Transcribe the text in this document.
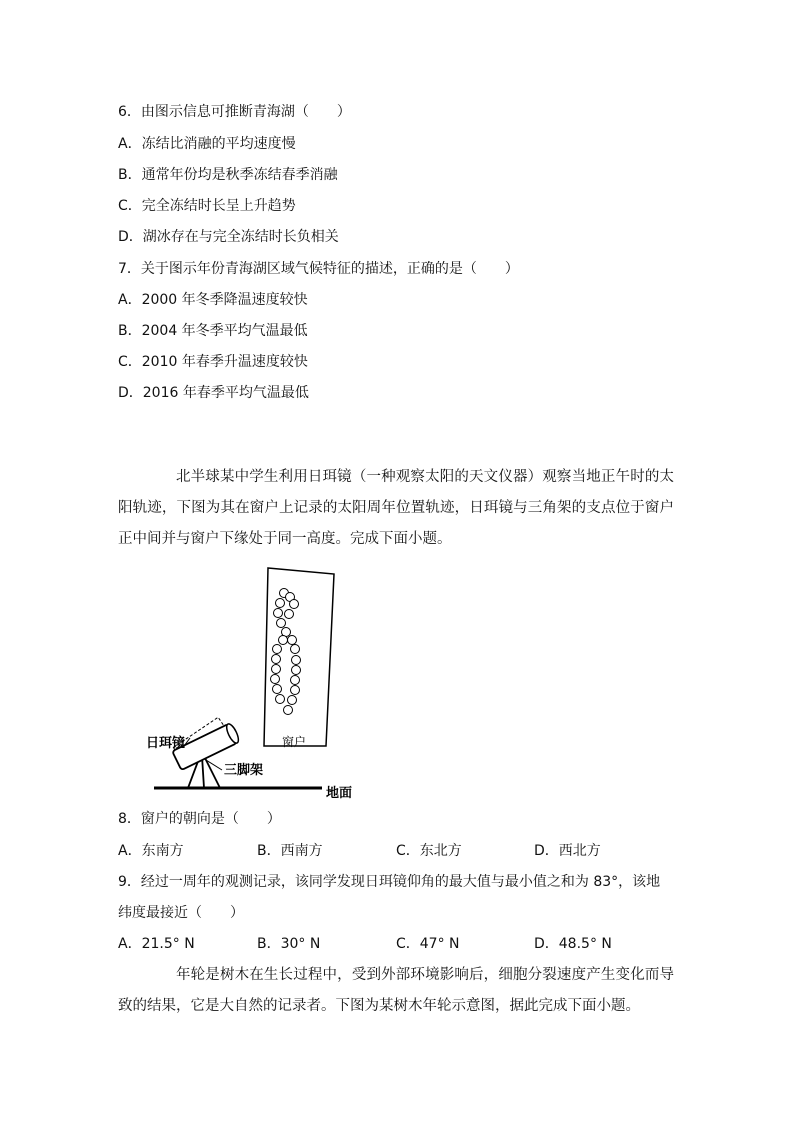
6．由图示信息可推断青海湖（　　）
A．冻结比消融的平均速度慢
B．通常年份均是秋季冻结春季消融
C．完全冻结时长呈上升趋势
D．湖冰存在与完全冻结时长负相关
7．关于图示年份青海湖区域气候特征的描述，正确的是（　　）
A．2000 年冬季降温速度较快
B．2004 年冬季平均气温最低
C．2010 年春季升温速度较快
D．2016 年春季平均气温最低

北半球某中学生利用日珥镜（一种观察太阳的天文仪器）观察当地正午时的太阳轨迹，下图为其在窗户上记录的太阳周年位置轨迹，日珥镜与三角架的支点位于窗户正中间并与窗户下缘处于同一高度。完成下面小题。

地面
窗户
三脚架
日珥镜
8．窗户的朝向是（　　）
A．东南方	B．西南方	C．东北方	D．西北方
9．经过一周年的观测记录，该同学发现日珥镜仰角的最大值与最小值之和为 83°，该地
纬度最接近（　　）
A．21.5° N	B．30° N	C．47° N	D．48.5° N

年轮是树木在生长过程中，受到外部环境影响后，细胞分裂速度产生变化而导致的结果，它是大自然的记录者。下图为某树木年轮示意图，据此完成下面小题。
